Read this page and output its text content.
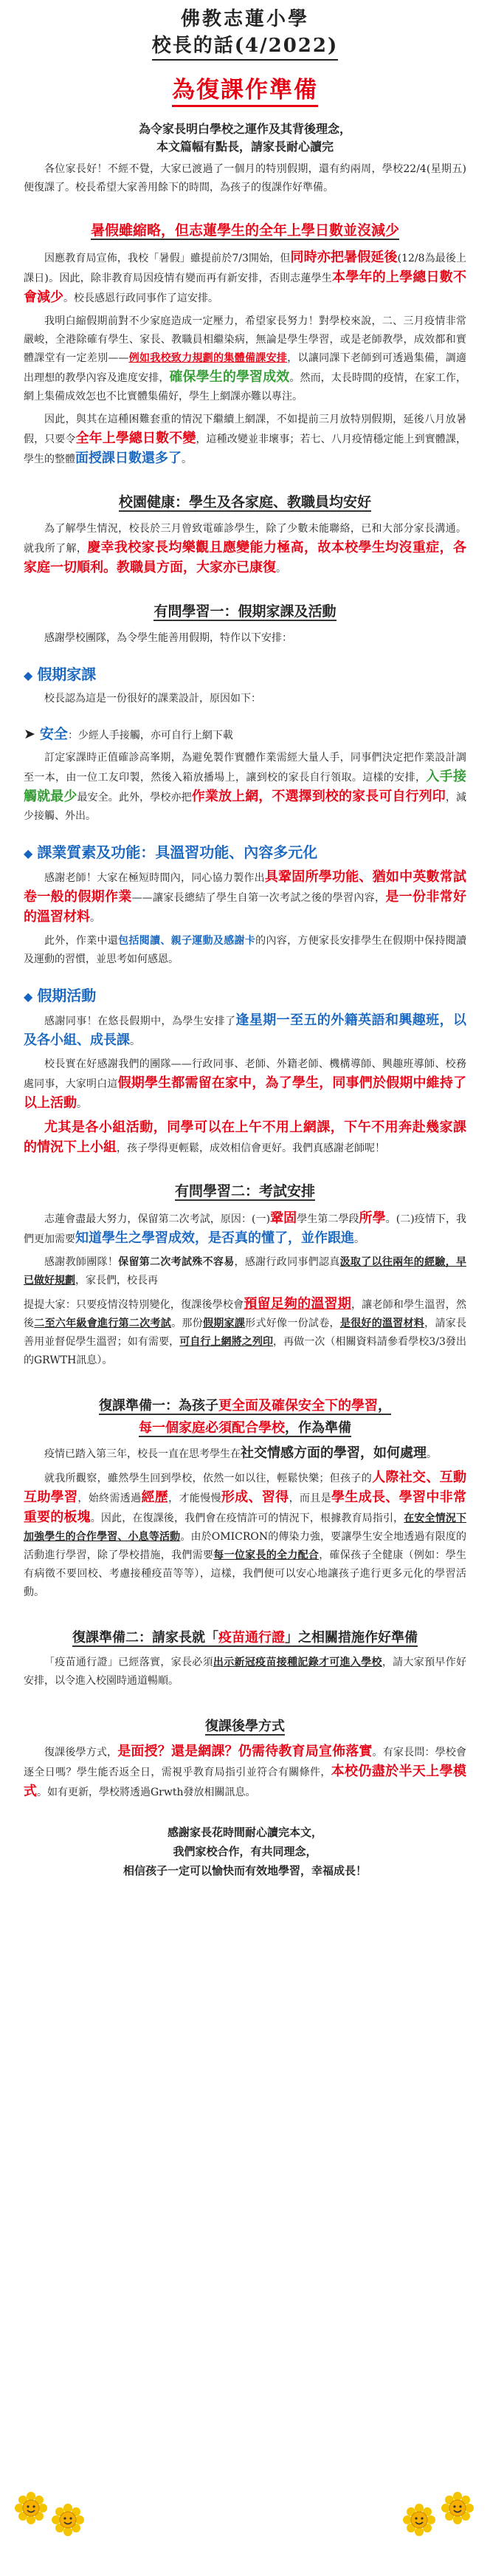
佛教志蓮小學
校長的話(4/2022)
為復課作準備
為令家長明白學校之運作及其背後理念，
本文篇幅有點長，請家長耐心讀完

各位家長好！不經不覺，大家已渡過了一個月的特別假期，還有約兩周，學校22/4(星期五)便復課了。校長希望大家善用餘下的時間，為孩子的復課作好準備。

暑假雖縮略，但志蓮學生的全年上學日數並沒減少

因應教育局宣佈，我校「暑假」雖提前於7/3開始，但同時亦把暑假延後(12/8為最後上課日)。因此，除非教育局因疫情有變而再有新安排，否則志蓮學生本學年的上學總日數不會減少。校長感恩行政同事作了這安排。

我明白縮假期前對不少家庭造成一定壓力，希望家長努力！對學校來說，二、三月疫情非常嚴峻，全港除確有學生、家長、教職員相繼染病，無論是學生學習，或是老師教學，成效都和實體課堂有一定差別——例如我校致力規劃的集體備課安排，以讓同課下老師到可透過集備，調適出理想的教學內容及進度安排，確保學生的學習成效。然而，太長時間的疫情，在家工作，網上集備成效怎也不比實體集備好，學生上網課亦難以專注。

因此，與其在這種困難套重的情況下繼續上網課，不如提前三月放特別假期，延後八月放暑假，只要令全年上學總日數不變，這種改變並非壞事；若七、八月疫情穩定能上到實體課，學生的整體面授課日數還多了。

校園健康：學生及各家庭、教職員均安好

為了解學生情況，校長於三月曾致電確診學生，除了少數未能聯絡，已和大部分家長溝通。就我所了解，慶幸我校家長均樂觀且應變能力極高，故本校學生均沒重症，各家庭一切順利。教職員方面，大家亦已康復。

有問學習一：假期家課及活動

感謝學校團隊，為令學生能善用假期，特作以下安排：

◆ 假期家課

校長認為這是一份很好的課業設計，原因如下：

➤ 安全：少經人手接觸，亦可自行上網下載

訂定家課時正值確診高峯期，為避免製作實體作業需經大量人手，同事們決定把作業設計調至一本，由一位工友印製，然後入箱放播場上，讓到校的家長自行領取。這樣的安排，入手接觸就最少最安全。此外，學校亦把作業放上網，不選擇到校的家長可自行列印，減少接觸、外出。

◆ 課業質素及功能：具溫習功能、內容多元化

感謝老師！大家在極短時間內，同心協力製作出具鞏固所學功能、猶如中英數常試卷一般的假期作業——讓家長總結了學生自第一次考試之後的學習內容，是一份非常好的溫習材料。

此外，作業中還包括閱讀、親子運動及感謝卡的內容，方便家長安排學生在假期中保持閱讀及運動的習慣，並思考如何感恩。

◆ 假期活動

感謝同事！在悠長假期中，為學生安排了逢星期一至五的外籍英語和興趣班，以及各小組、成長課。

校長實在好感謝我們的團隊——行政同事、老師、外籍老師、機構導師、興趣班導師、校務處同事，大家明白這假期學生都需留在家中，為了學生，同事們於假期中維持了以上活動。

尤其是各小組活動，同學可以在上午不用上網課，下午不用奔赴幾家課的情況下上小組，孩子學得更輕鬆，成效相信會更好。我們真感謝老師呢！

有問學習二：考試安排

志蓮會盡最大努力，保留第二次考試，原因：(一)鞏固學生第二學段所學。(二)疫情下，我們更加需要知道學生之學習成效，是否真的懂了，並作跟進。

感謝教師團隊！保留第二次考試殊不容易，感謝行政同事們認真汲取了以往兩年的經驗，早已做好規劃，家長們，校長再

提提大家：只要疫情沒特別變化，復課後學校會預留足夠的溫習期，讓老師和學生溫習，然後二至六年級會進行第二次考試。那份假期家課形式好像一份試卷，是很好的溫習材料，請家長善用並督促學生溫習；如有需要，可自行上網將之列印，再做一次（相關資料請參看學校3/3發出的GRWTH訊息）。

復課準備一：為孩子更全面及確保安全下的學習，
每一個家庭必須配合學校，作為準備

疫情已踏入第三年，校長一直在思考學生在社交情感方面的學習，如何處理。

就我所觀察，雖然學生回到學校，依然一如以往，輕鬆快樂；但孩子的人際社交、互動互助學習，始終需透過經歷，才能慢慢形成、習得，而且是學生成長、學習中非常重要的板塊。因此，在復課後，我們會在疫情許可的情況下，根據教育局指引，在安全情況下加強學生的合作學習、小息等活動。由於OMICRON的傳染力強，要讓學生安全地透過有限度的活動進行學習，除了學校措施，我們需要每一位家長的全力配合，確保孩子全健康（例如：學生有病徵不要回校、考慮接種疫苗等等），這樣，我們便可以安心地讓孩子進行更多元化的學習活動。

復課準備二：請家長就「疫苗通行證」之相關措施作好準備

「疫苗通行證」已經落實，家長必須出示新冠疫苗接種記錄才可進入學校，請大家預早作好安排，以令進入校園時通道暢順。

復課後學方式

復課後學方式，是面授？還是網課？仍需待教育局宣佈落實。有家長問：學校會逐全日嗎？學生能否返全日，需視乎教育局指引並符合有關條件，本校仍盡於半天上學模式。如有更新，學校將透過Grwth發放相關訊息。

感謝家長花時間耐心讀完本文，
我們家校合作，有共同理念，
相信孩子一定可以愉快而有效地學習，幸福成長！
